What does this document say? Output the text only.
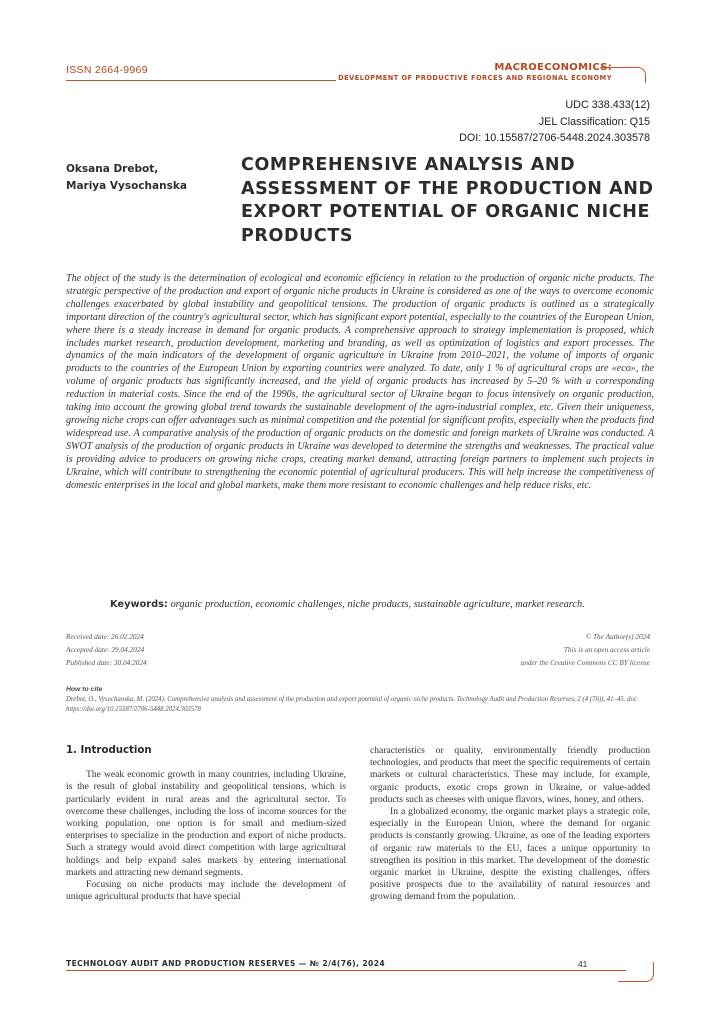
ISSN 2664-9969	MACROECONOMICS:
DEVELOPMENT OF PRODUCTIVE FORCES AND REGIONAL ECONOMY
UDC 338.433(12)
JEL Classification: Q15
DOI: 10.15587/2706-5448.2024.303578
Oksana Drebot,
Mariya Vysochanska
COMPREHENSIVE ANALYSIS AND ASSESSMENT OF THE PRODUCTION AND EXPORT POTENTIAL OF ORGANIC NICHE PRODUCTS
The object of the study is the determination of ecological and economic efficiency in relation to the production of organic niche products. The strategic perspective of the production and export of organic niche products in Ukraine is considered as one of the ways to overcome economic challenges exacerbated by global instability and geopolitical tensions. The production of organic products is outlined as a strategically important direction of the country's agricultural sector, which has significant export potential, especially to the countries of the European Union, where there is a steady increase in demand for organic products. A comprehensive approach to strategy implementation is proposed, which includes market research, production development, marketing and branding, as well as optimization of logistics and export processes. The dynamics of the main indicators of the development of organic agriculture in Ukraine from 2010–2021, the volume of imports of organic products to the countries of the European Union by exporting countries were analyzed. To date, only 1 % of agricultural crops are «eco», the volume of organic products has significantly increased, and the yield of organic products has increased by 5–20 % with a corresponding reduction in material costs. Since the end of the 1990s, the agricultural sector of Ukraine began to focus intensively on organic production, taking into account the growing global trend towards the sustainable development of the agro-industrial complex, etc. Given their uniqueness, growing niche crops can offer advantages such as minimal competition and the potential for significant profits, especially when the products find widespread use. A comparative analysis of the production of organic products on the domestic and foreign markets of Ukraine was conducted. A SWOT analysis of the production of organic products in Ukraine was developed to determine the strengths and weaknesses. The practical value is providing advice to producers on growing niche crops, creating market demand, attracting foreign partners to implement such projects in Ukraine, which will contribute to strengthening the economic potential of agricultural producers. This will help increase the competitiveness of domestic enterprises in the local and global markets, make them more resistant to economic challenges and help reduce risks, etc.
Keywords: organic production, economic challenges, niche products, sustainable agriculture, market research.
Received date: 26.02.2024
Accepted date: 29.04.2024
Published date: 30.04.2024
© The Author(s) 2024
This is an open access article
under the Creative Commons CC BY license
How to cite
Drebot, O., Vysochanska, M. (2024). Comprehensive analysis and assessment of the production and export potential of organic niche products. Technology Audit and Production Reserves, 2 (4 (76)), 41–45. doi: https://doi.org/10.15587/2706-5448.2024.303578
1. Introduction

The weak economic growth in many countries, including Ukraine, is the result of global instability and geopolitical tensions, which is particularly evident in rural areas and the agricultural sector. To overcome these challenges, including the loss of income sources for the working population, one option is for small and medium-sized enterprises to specialize in the production and export of niche products. Such a strategy would avoid direct competition with large agricultural holdings and help expand sales markets by entering international markets and attracting new demand segments.

Focusing on niche products may include the development of unique agricultural products that have special

characteristics or quality, environmentally friendly production technologies, and products that meet the specific requirements of certain markets or cultural characteristics. These may include, for example, organic products, exotic crops grown in Ukraine, or value-added products such as cheeses with unique flavors, wines, honey, and others.

In a globalized economy, the organic market plays a strategic role, especially in the European Union, where the demand for organic products is constantly growing. Ukraine, as one of the leading exporters of organic raw materials to the EU, faces a unique opportunity to strengthen its position in this market. The development of the domestic organic market in Ukraine, despite the existing challenges, offers positive prospects due to the availability of natural resources and growing demand from the population.

TECHNOLOGY AUDIT AND PRODUCTION RESERVES — № 2/4(76), 2024	41
